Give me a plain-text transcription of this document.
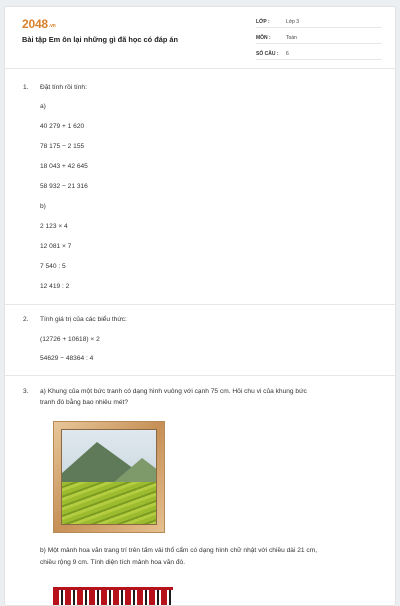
2048.vn
Bài tập Em ôn lại những gì đã học có đáp án
LỚP :	Lớp 3
MÔN :	Toán
SỐ CÂU : 6
1. Đặt tính rồi tính:
a)
40 279 + 1 620
78 175 − 2 155
18 043 + 42 645
58 932 − 21 316
b)
2 123 × 4
12 081 × 7
7 540 : 5
12 419 : 2
2. Tính giá trị của các biểu thức:
(12726 + 10618) × 2
54629 − 48364 : 4
3. a) Khung của một bức tranh có dạng hình vuông với cạnh 75 cm. Hỏi chu vi của khung bức
tranh đó bằng bao nhiêu mét?
b) Một mảnh hoa văn trang trí trên tấm vải thổ cẩm có dạng hình chữ nhật với chiều dài 21 cm,
chiều rộng 9 cm. Tính diện tích mảnh hoa văn đó.
